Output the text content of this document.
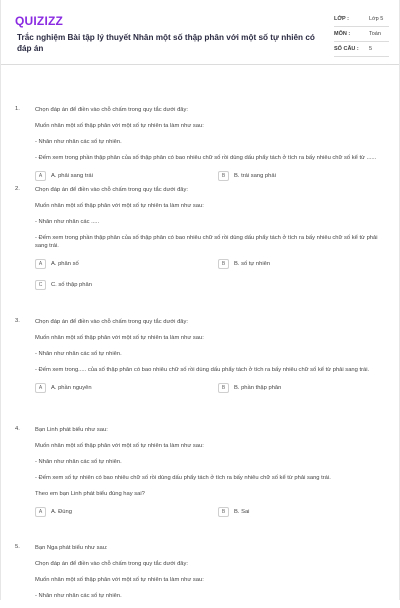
QUIZIZZ
Trắc nghiệm Bài tập lý thuyết Nhân một số thập phân với một số tự nhiên có đáp án
LỚP :	Lớp 5
MÔN :	Toán
SỐ CÂU : 5
1.	Chọn đáp án để điền vào chỗ chấm trong quy tắc dưới đây:
Muốn nhân một số thập phân với một số tự nhiên ta làm như sau:
- Nhân như nhân các số tự nhiên.
- Đếm xem trong phần thập phân của số thập phân có bao nhiêu chữ số rồi dùng dấu phẩy tách ở tích ra bấy nhiêu chữ số kể từ ......
A	A. phải sang trái	B	B. trái sang phải
2.	Chọn đáp án để điền vào chỗ chấm trong quy tắc dưới đây:
Muốn nhân một số thập phân với một số tự nhiên ta làm như sau:
- Nhân như nhân các .....
- Đếm xem trong phần thập phân của số thập phân có bao nhiêu chữ số rồi dùng dấu phẩy tách ở tích ra bấy nhiêu chữ số kể từ phải sang trái.
A	A. phân số	B	B. số tự nhiên
C	C. số thập phân
3.	Chọn đáp án để điền vào chỗ chấm trong quy tắc dưới đây:
Muốn nhân một số thập phân với một số tự nhiên ta làm như sau:
- Nhân như nhân các số tự nhiên.
- Đếm xem trong..... của số thập phân có bao nhiêu chữ số rồi dùng dấu phẩy tách ở tích ra bấy nhiêu chữ số kể từ phải sang trái.
A	A. phần nguyên	B	B. phần thập phân
4.	Bạn Linh phát biểu như sau:
Muốn nhân một số thập phân với một số tự nhiên ta làm như sau:
- Nhân như nhân các số tự nhiên.
- Đếm xem số tự nhiên có bao nhiêu chữ số rồi dùng dấu phẩy tách ở tích ra bấy nhiêu chữ số kể từ phải sang trái.
Theo em bạn Linh phát biểu đúng hay sai?
A	A. Đúng	B	B. Sai
5.	Bạn Nga phát biểu như sau:
Chọn đáp án để điền vào chỗ chấm trong quy tắc dưới đây:
Muốn nhân một số thập phân với một số tự nhiên ta làm như sau:
- Nhân như nhân các số tự nhiên.
